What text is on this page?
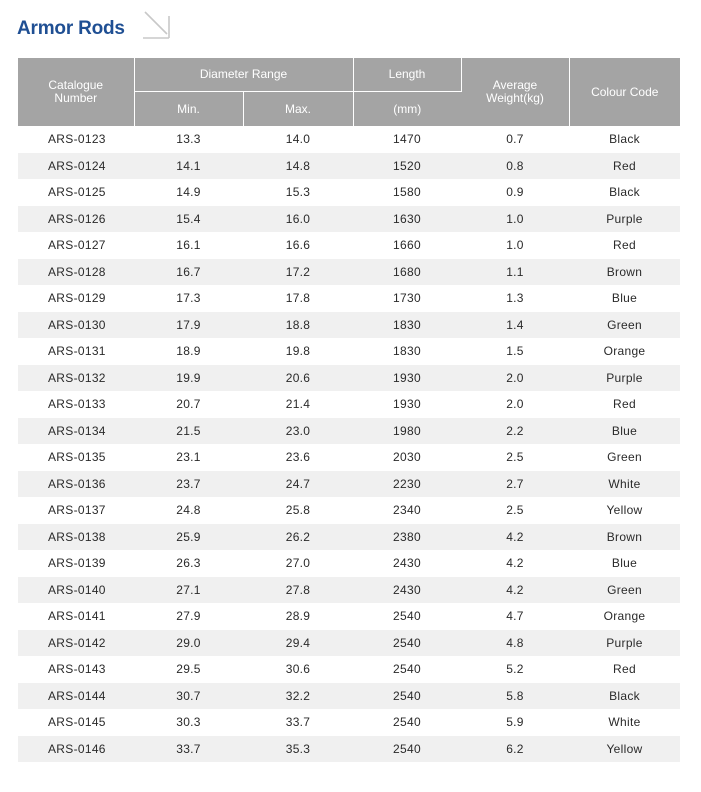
Armor Rods
Catalogue Number	Diameter Range		Length	Average Weight(kg)	Colour Code
	Min.	Max.	(mm)		
ARS-0123	13.3	14.0	1470	0.7	Black
ARS-0124	14.1	14.8	1520	0.8	Red
ARS-0125	14.9	15.3	1580	0.9	Black
ARS-0126	15.4	16.0	1630	1.0	Purple
ARS-0127	16.1	16.6	1660	1.0	Red
ARS-0128	16.7	17.2	1680	1.1	Brown
ARS-0129	17.3	17.8	1730	1.3	Blue
ARS-0130	17.9	18.8	1830	1.4	Green
ARS-0131	18.9	19.8	1830	1.5	Orange
ARS-0132	19.9	20.6	1930	2.0	Purple
ARS-0133	20.7	21.4	1930	2.0	Red
ARS-0134	21.5	23.0	1980	2.2	Blue
ARS-0135	23.1	23.6	2030	2.5	Green
ARS-0136	23.7	24.7	2230	2.7	White
ARS-0137	24.8	25.8	2340	2.5	Yellow
ARS-0138	25.9	26.2	2380	4.2	Brown
ARS-0139	26.3	27.0	2430	4.2	Blue
ARS-0140	27.1	27.8	2430	4.2	Green
ARS-0141	27.9	28.9	2540	4.7	Orange
ARS-0142	29.0	29.4	2540	4.8	Purple
ARS-0143	29.5	30.6	2540	5.2	Red
ARS-0144	30.7	32.2	2540	5.8	Black
ARS-0145	30.3	33.7	2540	5.9	White
ARS-0146	33.7	35.3	2540	6.2	Yellow
